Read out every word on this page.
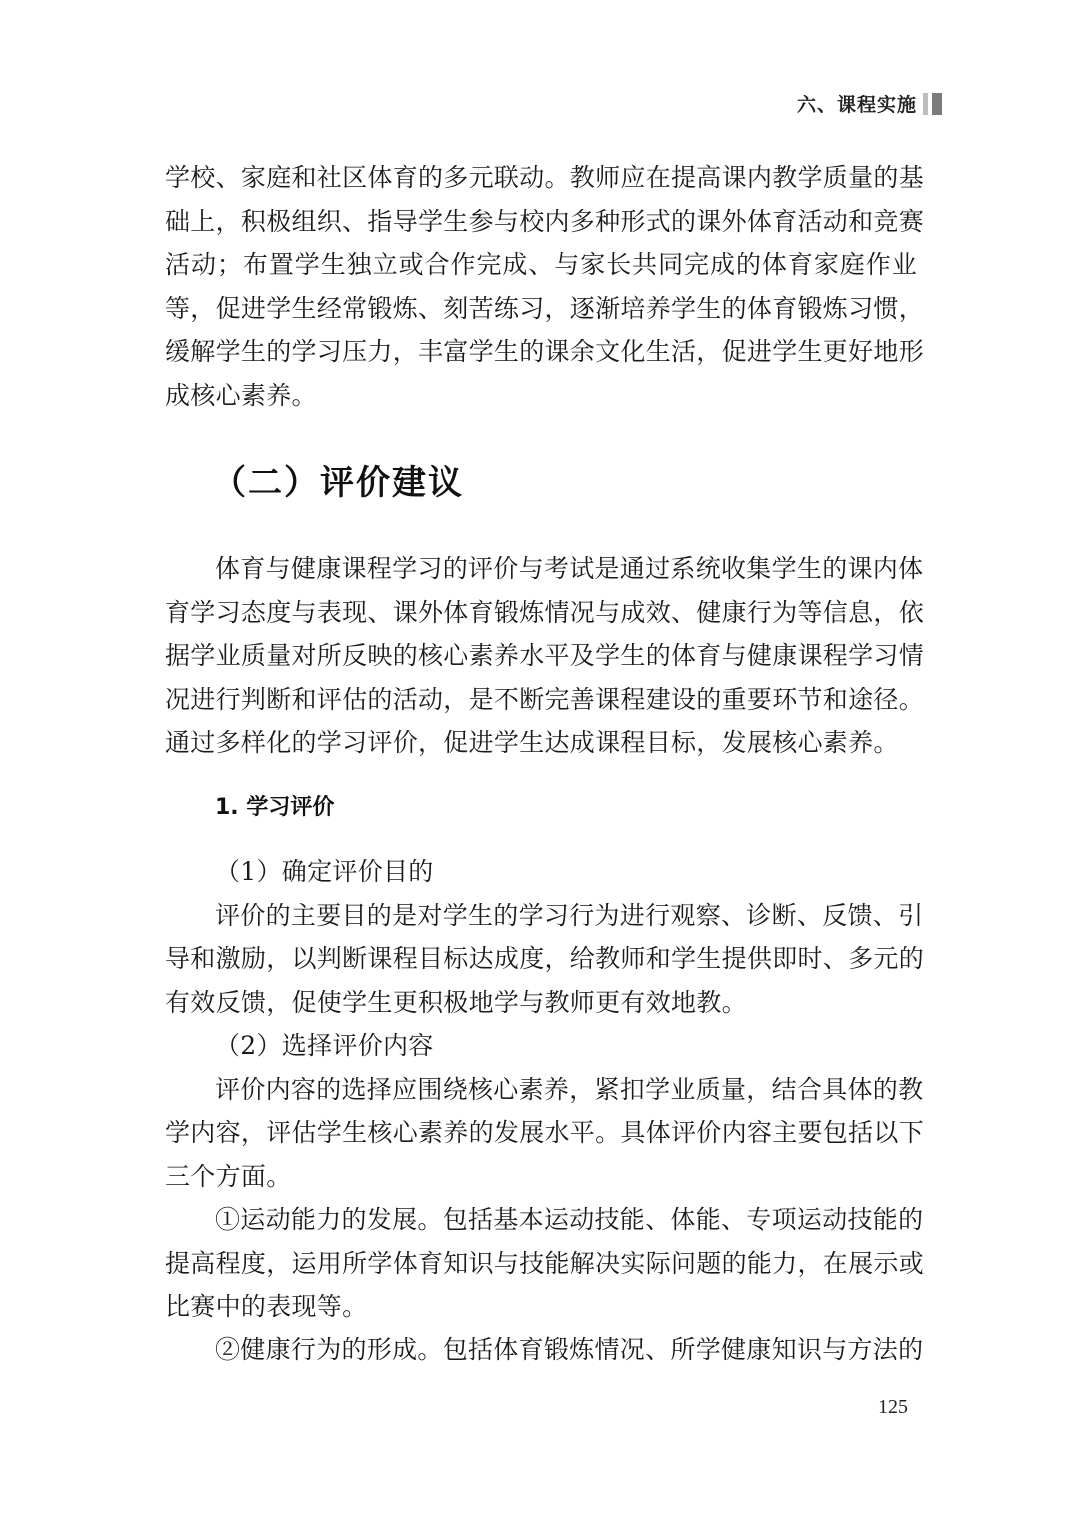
六、课程实施
学校、家庭和社区体育的多元联动。教师应在提高课内教学质量的基
础上，积极组织、指导学生参与校内多种形式的课外体育活动和竞赛
活动；布置学生独立或合作完成、与家长共同完成的体育家庭作业
等，促进学生经常锻炼、刻苦练习，逐渐培养学生的体育锻炼习惯，
缓解学生的学习压力，丰富学生的课余文化生活，促进学生更好地形
成核心素养。
（二）评价建议
体育与健康课程学习的评价与考试是通过系统收集学生的课内体
育学习态度与表现、课外体育锻炼情况与成效、健康行为等信息，依
据学业质量对所反映的核心素养水平及学生的体育与健康课程学习情
况进行判断和评估的活动，是不断完善课程建设的重要环节和途径。
通过多样化的学习评价，促进学生达成课程目标，发展核心素养。
1. 学习评价
（1）确定评价目的
评价的主要目的是对学生的学习行为进行观察、诊断、反馈、引
导和激励，以判断课程目标达成度，给教师和学生提供即时、多元的
有效反馈，促使学生更积极地学与教师更有效地教。
（2）选择评价内容
评价内容的选择应围绕核心素养，紧扣学业质量，结合具体的教
学内容，评估学生核心素养的发展水平。具体评价内容主要包括以下
三个方面。
①运动能力的发展。包括基本运动技能、体能、专项运动技能的
提高程度，运用所学体育知识与技能解决实际问题的能力，在展示或
比赛中的表现等。
②健康行为的形成。包括体育锻炼情况、所学健康知识与方法的
125
